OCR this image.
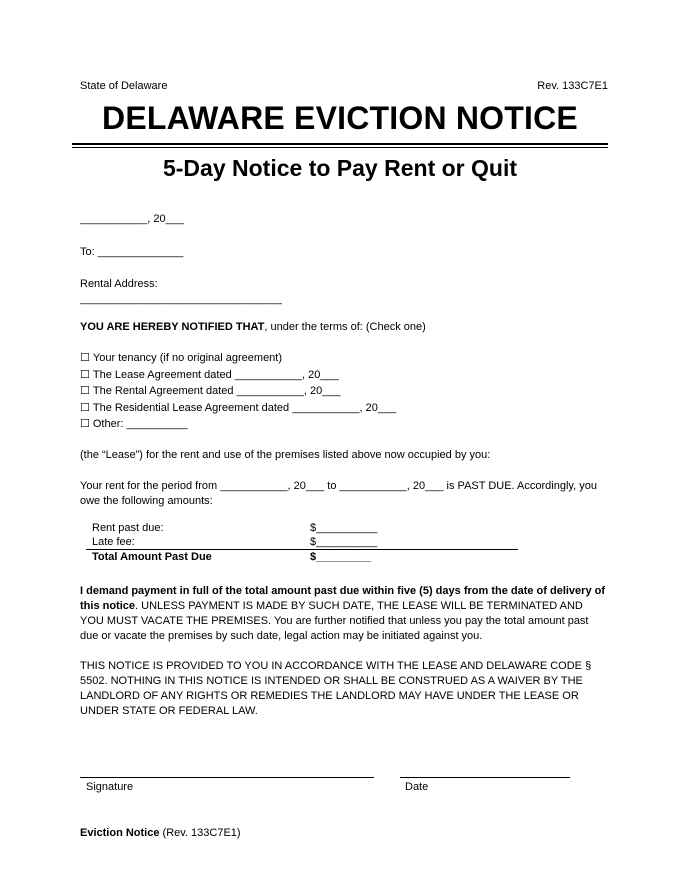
State of Delaware	Rev. 133C7E1
DELAWARE EVICTION NOTICE
5-Day Notice to Pay Rent or Quit
___________, 20___
To: ______________
Rental Address:
_________________________________
YOU ARE HEREBY NOTIFIED THAT, under the terms of: (Check one)
☐ Your tenancy (if no original agreement)
☐ The Lease Agreement dated ___________, 20___
☐ The Rental Agreement dated ___________, 20___
☐ The Residential Lease Agreement dated ___________, 20___
☐ Other: __________
(the “Lease”) for the rent and use of the premises listed above now occupied by you:
Your rent for the period from ___________, 20___ to ___________, 20___ is PAST DUE. Accordingly, you owe the following amounts:
Rent past due:	$__________
Late fee:	$__________
Total Amount Past Due	$_________
I demand payment in full of the total amount past due within five (5) days from the date of delivery of this notice. UNLESS PAYMENT IS MADE BY SUCH DATE, THE LEASE WILL BE TERMINATED AND YOU MUST VACATE THE PREMISES. You are further notified that unless you pay the total amount past due or vacate the premises by such date, legal action may be initiated against you.
THIS NOTICE IS PROVIDED TO YOU IN ACCORDANCE WITH THE LEASE AND DELAWARE CODE § 5502. NOTHING IN THIS NOTICE IS INTENDED OR SHALL BE CONSTRUED AS A WAIVER BY THE LANDLORD OF ANY RIGHTS OR REMEDIES THE LANDLORD MAY HAVE UNDER THE LEASE OR UNDER STATE OR FEDERAL LAW.
Signature	Date
Eviction Notice (Rev. 133C7E1)
